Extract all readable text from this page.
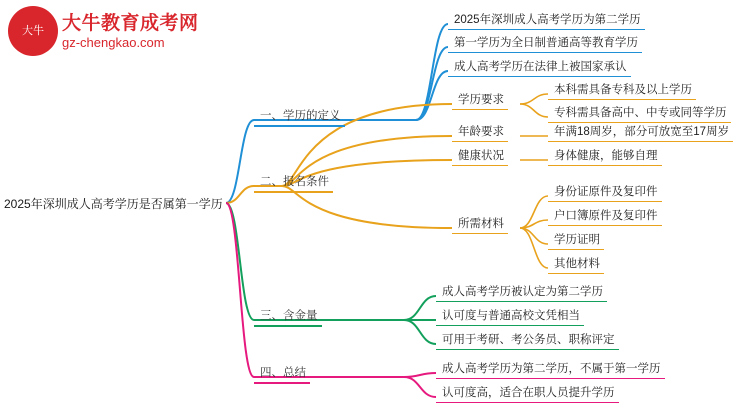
大牛 大牛教育成考网
gz-chengkao.com
2025年深圳成人高考学历是否属第一学历
一、学历的定义
2025年深圳成人高考学历为第二学历
第一学历为全日制普通高等教育学历
成人高考学历在法律上被国家承认
二、报名条件
学历要求
本科需具备专科及以上学历
专科需具备高中、中专或同等学历
年龄要求	年满18周岁，部分可放宽至17周岁
健康状况	身体健康，能够自理
所需材料
身份证原件及复印件
户口簿原件及复印件
学历证明
其他材料
三、含金量
成人高考学历被认定为第二学历
认可度与普通高校文凭相当
可用于考研、考公务员、职称评定
四、总结	成人高考学历为第二学历，不属于第一学历
认可度高，适合在职人员提升学历
